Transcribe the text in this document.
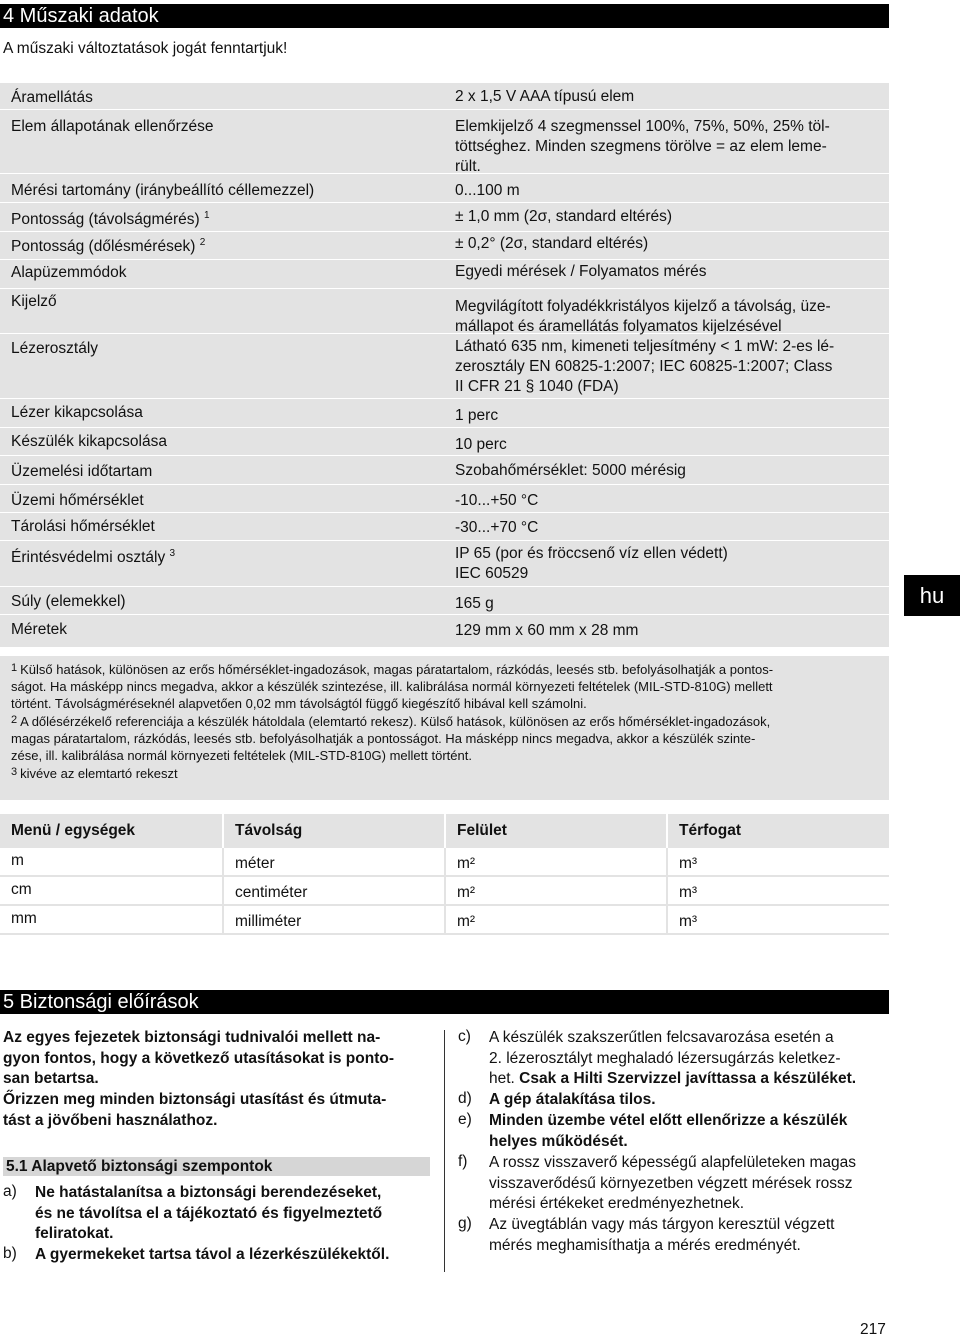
4 Műszaki adatok
A műszaki változtatások jogát fenntartjuk!
Áramellátás	2 x 1,5 V AAA típusú elem
Elem állapotának ellenőrzése	Elemkijelző 4 szegmenssel 100%, 75%, 50%, 25% töl-
töttséghez. Minden szegmens törölve = az elem leme-
rült.
Mérési tartomány (iránybeállító céllemezzel)	0...100 m
Pontosság (távolságmérés) $^1$	± 1,0 mm (2σ, standard eltérés)
Pontosság (dőlésmérések) $^2$	± 0,2° (2σ, standard eltérés)
Alapüzemmódok	Egyedi mérések / Folyamatos mérés
Kijelző	Megvilágított folyadékkristályos kijelző a távolság, üze-
mállapot és áramellátás folyamatos kijelzésével
Lézerosztály	Látható 635 nm, kimeneti teljesítmény < 1 mW: 2-es lé-
zerosztály EN 60825-1:2007; IEC 60825-1:2007; Class
II CFR 21 § 1040 (FDA)
Lézer kikapcsolása	1 perc
Készülék kikapcsolása	10 perc
Üzemelési időtartam	Szobahőmérséklet: 5000 mérésig
Üzemi hőmérséklet	-10...+50 °C
Tárolási hőmérséklet	-30...+70 °C
Érintésvédelmi osztály $^3$	IP 65 (por és fröccsenő víz ellen védett)
IEC 60529
Súly (elemekkel)	165 g
Méretek	129 mm x 60 mm x 28 mm
hu

$^1$ Külső hatások, különösen az erős hőmérséklet-ingadozások, magas páratartalom, rázkódás, leesés stb. befolyásolhatják a pontos-

ságot. Ha másképp nincs megadva, akkor a készülék szintezése, ill. kalibrálása normál környezeti feltételek (MIL-STD-810G) mellett

történt. Távolságméréseknél alapvetően 0,02 mm távolságtól függő kiegészítő hibával kell számolni.

$^2$ A dőlésérzékelő referenciája a készülék hátoldala (elemtartó rekesz). Külső hatások, különösen az erős hőmérséklet-ingadozások,

magas páratartalom, rázkódás, leesés stb. befolyásolhatják a pontosságot. Ha másképp nincs megadva, akkor a készülék szinte-

zése, ill. kalibrálása normál környezeti feltételek (MIL-STD-810G) mellett történt.

$^3$ kivéve az elemtartó rekeszt

Menü / egységek	Távolság	Felület	Térfogat
m	méter	m²	m³
cm	centiméter	m²	m³
mm	milliméter	m²	m³
5 Biztonsági előírások
Az egyes fejezetek biztonsági tudnivalói mellett na-
gyon fontos, hogy a következő utasításokat is ponto-
san betartsa.
Őrizzen meg minden biztonsági utasítást és útmuta-
tást a jövőbeni használathoz.
5.1 Alapvető biztonsági szempontok
a) Ne hatástalanítsa a biztonsági berendezéseket,
és ne távolítsa el a tájékoztató és figyelmeztető
feliratokat.
b) A gyermekeket tartsa távol a lézerkészülékektől.
c) A készülék szakszerűtlen felcsavarozása esetén a
2. lézerosztályt meghaladó lézersugárzás keletkez-
het. Csak a Hilti Szervizzel javíttassa a készüléket.
d) A gép átalakítása tilos.
e) Minden üzembe vétel előtt ellenőrizze a készülék
helyes működését.
f) A rossz visszaverő képességű alapfelületeken magas
visszaverődésű környezetben végzett mérések rossz
mérési értékeket eredményezhetnek.
g) Az üvegtáblán vagy más tárgyon keresztül végzett
mérés meghamisíthatja a mérés eredményét.
217
